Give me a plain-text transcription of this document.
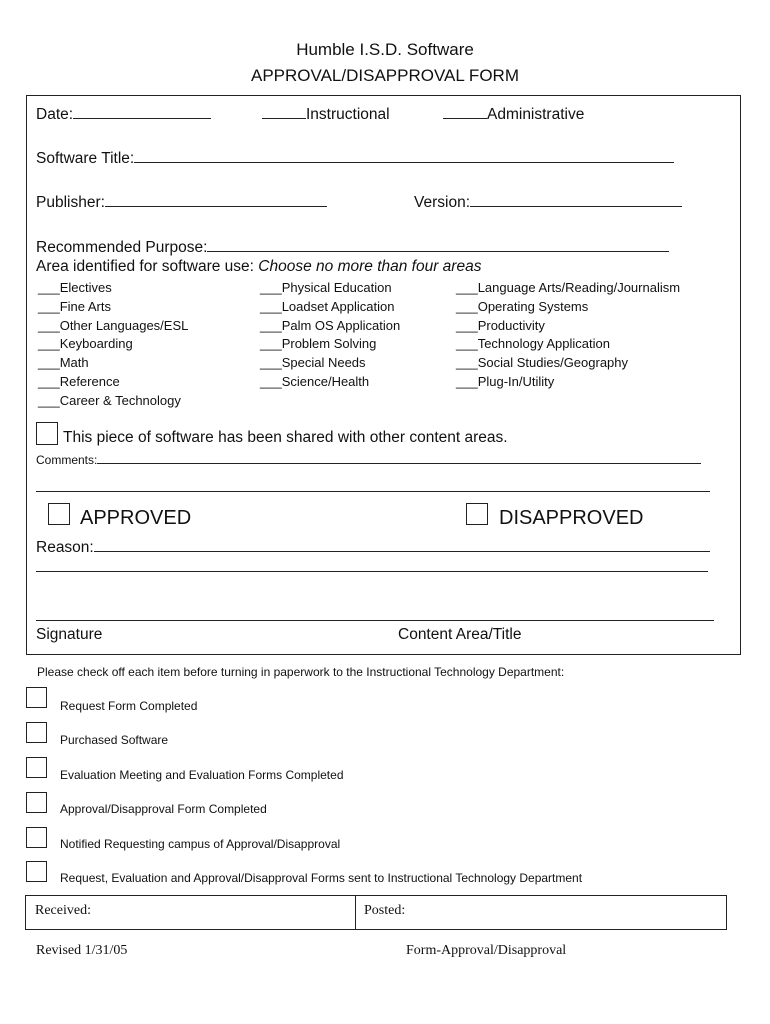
Humble I.S.D. Software
APPROVAL/DISAPPROVAL FORM
Date:	Instructional	Administrative
Software Title:
Publisher:	Version:
Recommended Purpose:
Area identified for software use: Choose no more than four areas
___Electives
___Fine Arts
___Other Languages/ESL
___Keyboarding
___Math
___Reference
___Career & Technology
___Physical Education
___Loadset Application
___Palm OS Application
___Problem Solving
___Special Needs
___Science/Health
___Language Arts/Reading/Journalism
___Operating Systems
___Productivity
___Technology Application
___Social Studies/Geography
___Plug-In/Utility
This piece of software has been shared with other content areas.
Comments:
APPROVED	DISAPPROVED
Reason:
Signature	Content Area/Title
Please check off each item before turning in paperwork to the Instructional Technology Department:
Request Form Completed
Purchased Software
Evaluation Meeting and Evaluation Forms Completed
Approval/Disapproval Form Completed
Notified Requesting campus of Approval/Disapproval
Request, Evaluation and Approval/Disapproval Forms sent to Instructional Technology Department
Received:	Posted:
Revised 1/31/05	Form-Approval/Disapproval
